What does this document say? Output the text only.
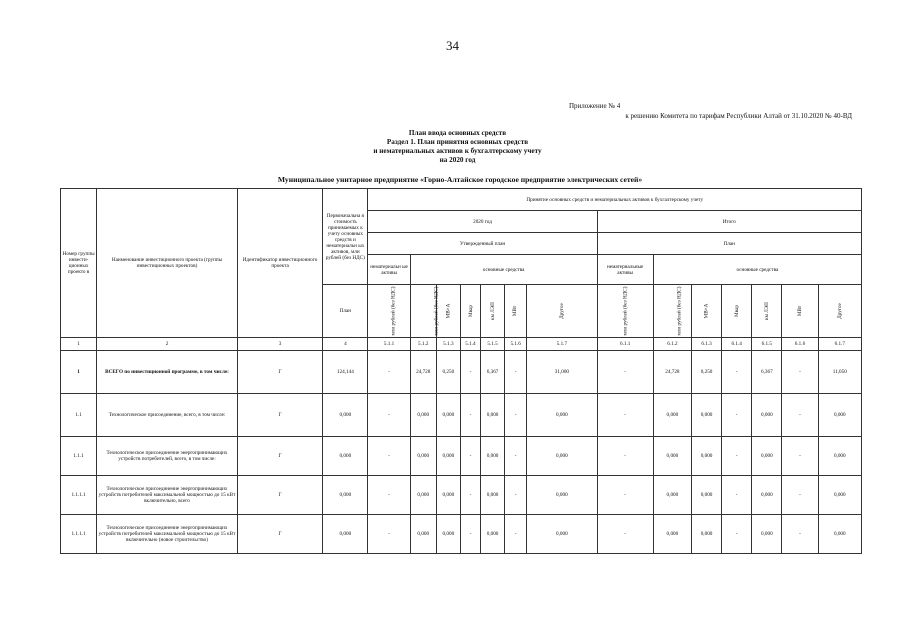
34
Приложение № 4
к решению Комитета по тарифам Республики Алтай от 31.10.2020 № 40-ВД
План ввода основных средств
Раздел 1. План принятия основных средств
и нематериальных активов к бухгалтерскому учету
на 2020 год
Муниципальное унитарное предприятие «Горно-Алтайское городское предприятие электрических сетей»
Номер группы инвести-ционных проекто в	Наименование инвестиционного проекта (группы инвестиционных проектов)	Идентификатор инвестиционного проекта	Первоначальна я стоимость принимаемых к учету основных средств и нематериальн ых активов, млн рублей (без НДС)	Принятие основных средств и нематериальных активов к бухгалтерскому учету													
				2020 год							Итого						
				Утвержденный план							План						
				нематериальн ые активы	основные средства						нематериальные активы	основные средства					
			План	млн рублей (без НДС)	млн рублей (без НДС)	МВ×А	Мвар	км ЛЭП	МВт	Другое	млн рублей (без НДС)	млн рублей (без НДС)	МВ×А	Мвар	км ЛЭП	МВт	Другое
1	2	3	4	5.1.1	5.1.2	5.1.3	5.1.4	5.1.5	5.1.6	5.1.7	6.1.1	6.1.2	6.1.3	6.1.4	6.1.5	6.1.6	6.1.7
1	ВСЕГО по инвестиционной программе, в том числе:	Г	124,144	-	24,728	0,250	-	6,367	-	31,000	-	24,728	0,250	-	6,367	-	11,050
1.1	Технологическое присоединение, всего, в том числе:	Г	0,000	-	0,000	0,000	-	0,000	-	0,000	-	0,000	0,000	-	0,000	-	0,000
1.1.1	Технологическое присоединение энергопринимающих устройств потребителей, всего, в том числе:	Г	0,000	-	0,000	0,000	-	0,000	-	0,000	-	0,000	0,000	-	0,000	-	0,000
1.1.1.1	Технологическое присоединение энергопринимающих устройств потребителей максимальной мощностью до 15 кВт включительно, всего	Г	0,000	-	0,000	0,000	-	0,000	-	0,000	-	0,000	0,000	-	0,000	-	0,000
1.1.1.1	Технологическое присоединение энергопринимающих устройств потребителей максимальной мощностью до 15 кВт включительно (новое строительство)	Г	0,000	-	0,000	0,000	-	0,000	-	0,000	-	0,000	0,000	-	0,000	-	0,000
